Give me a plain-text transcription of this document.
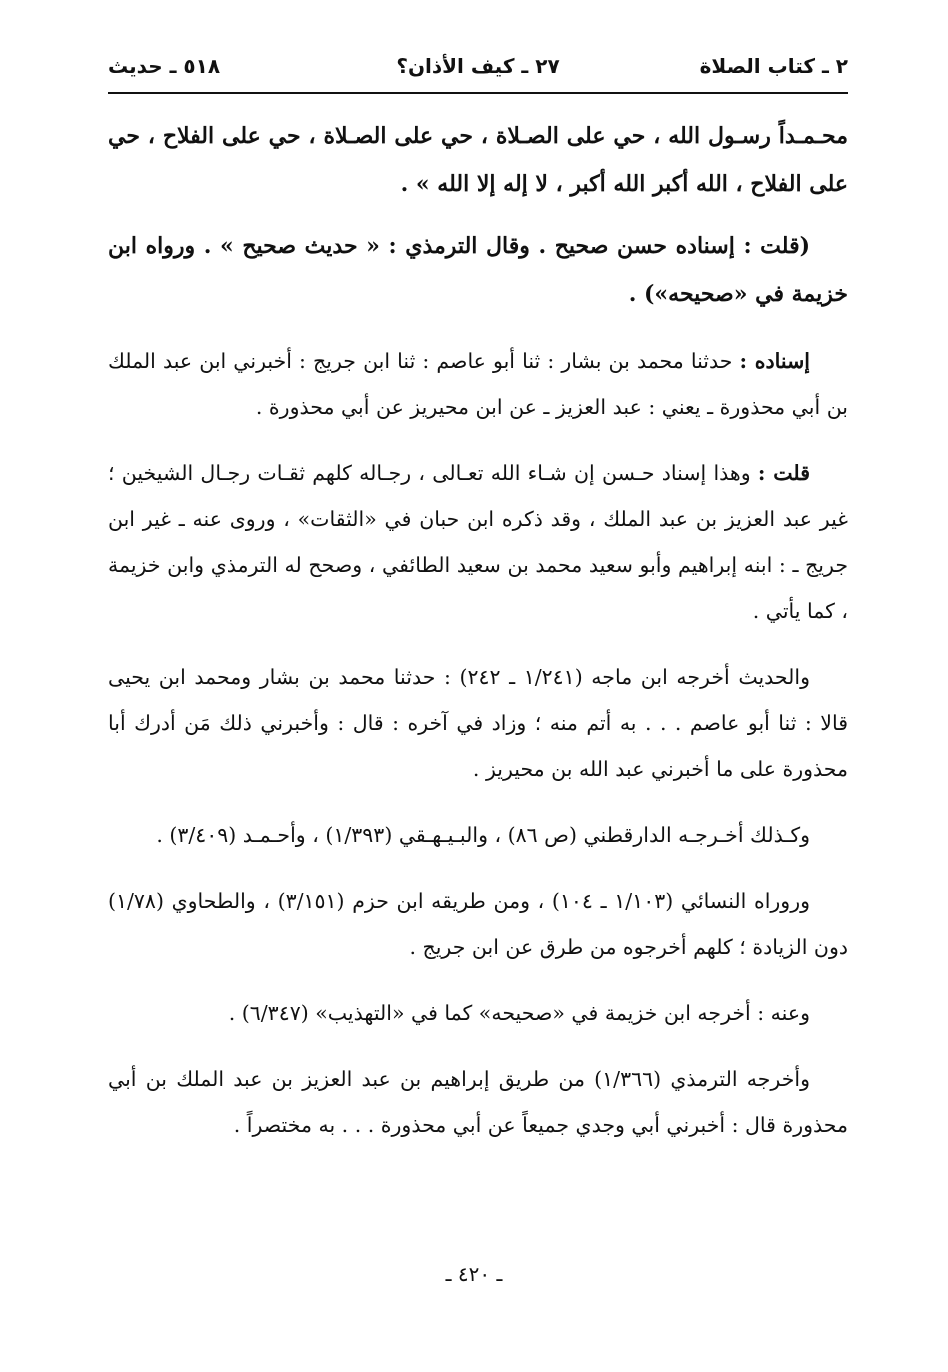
٢ ـ كتاب الصلاة
٢٧ ـ كيف الأذان؟
٥١٨ ـ حديث

محـمـداً رسـول الله ، حي على الصـلاة ، حي على الصـلاة ، حي على الفلاح ، حي على الفلاح ، الله أكبر الله أكبر ، لا إله إلا الله » .

(قلت : إسناده حسن صحيح . وقال الترمذي : « حديث صحيح » . ورواه ابن خزيمة في «صحيحه») .

إسناده : حدثنا محمد بن بشار : ثنا أبو عاصم : ثنا ابن جريج : أخبرني ابن عبد الملك بن أبي محذورة ـ يعني : عبد العزيز ـ عن ابن محيريز عن أبي محذورة .

قلت : وهذا إسناد حـسن إن شـاء الله تعـالى ، رجـاله كلهم ثقـات رجـال الشيخين ؛ غير عبد العزيز بن عبد الملك ، وقد ذكره ابن حبان في «الثقات» ، وروى عنه ـ غير ابن جريج ـ : ابنه إبراهيم وأبو سعيد محمد بن سعيد الطائفي ، وصحح له الترمذي وابن خزيمة ، كما يأتي .

والحديث أخرجه ابن ماجه (١/٢٤١ ـ ٢٤٢) : حدثنا محمد بن بشار ومحمد ابن يحيى قالا : ثنا أبو عاصم . . . به أتم منه ؛ وزاد في آخره : قال : وأخبرني ذلك مَن أدرك أبا محذورة على ما أخبرني عبد الله بن محيريز .

وكـذلك أخـرجـه الدارقطني (ص ٨٦) ، والبـيـهـقي (١/٣٩٣) ، وأحـمـد (٣/٤٠٩) .

وروراه النسائي (١/١٠٣ ـ ١٠٤) ، ومن طريقه ابن حزم (٣/١٥١) ، والطحاوي (١/٧٨) دون الزيادة ؛ كلهم أخرجوه من طرق عن ابن جريج .

وعنه : أخرجه ابن خزيمة في «صحيحه» كما في «التهذيب» (٦/٣٤٧) .

وأخرجه الترمذي (١/٣٦٦) من طريق إبراهيم بن عبد العزيز بن عبد الملك بن أبي محذورة قال : أخبرني أبي وجدي جميعاً عن أبي محذورة . . . به مختصراً .

ـ ٤٢٠ ـ
